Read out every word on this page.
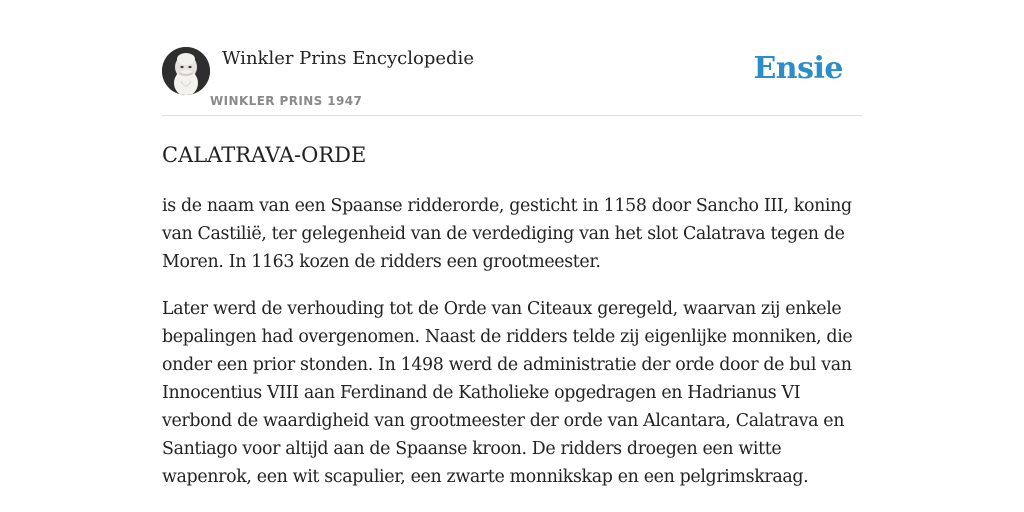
Winkler Prins Encyclopedie
WINKLER PRINS 1947
Ensie
CALATRAVA-ORDE

is de naam van een Spaanse ridderorde, gesticht in 1158 door Sancho III, koning van Castilië, ter gelegenheid van de verdediging van het slot Calatrava tegen de Moren. In 1163 kozen de ridders een grootmeester.

Later werd de verhouding tot de Orde van Citeaux geregeld, waarvan zij enkele bepalingen had overgenomen. Naast de ridders telde zij eigenlijke monniken, die onder een prior stonden. In 1498 werd de administratie der orde door de bul van Innocentius VIII aan Ferdinand de Katholieke opgedragen en Hadrianus VI verbond de waardigheid van grootmeester der orde van Alcantara, Calatrava en Santiago voor altijd aan de Spaanse kroon. De ridders droegen een witte wapenrok, een wit scapulier, een zwarte monnikskap en een pelgrimskraag.
